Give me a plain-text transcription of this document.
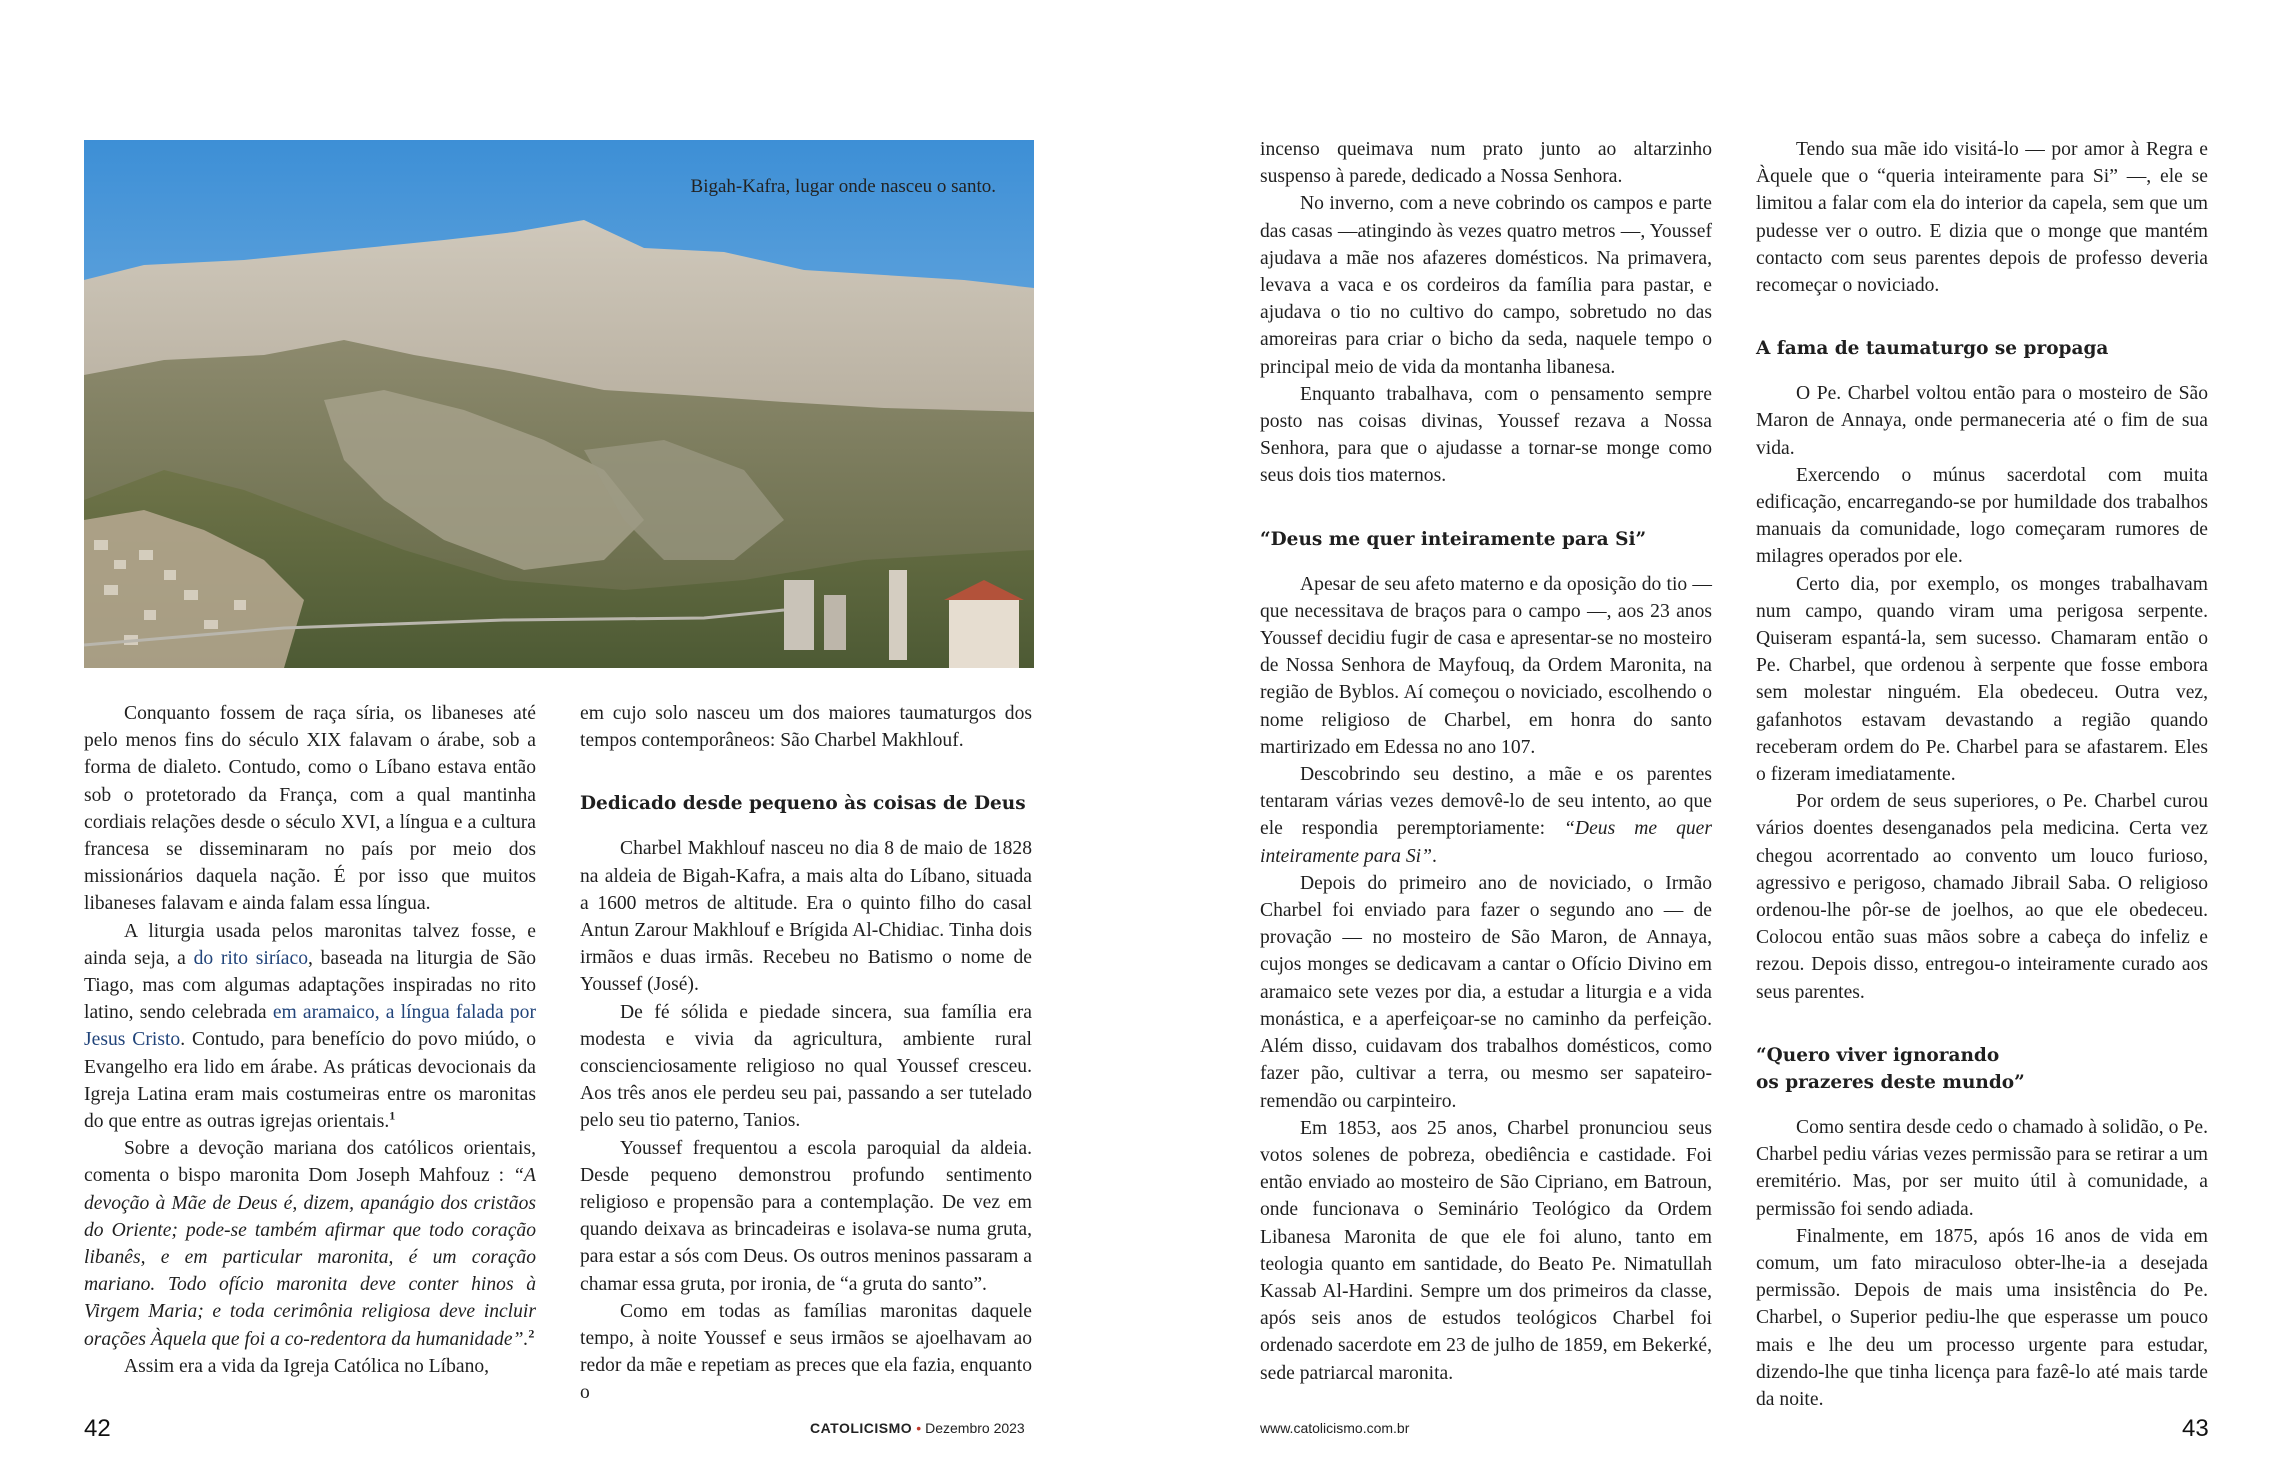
Bigah-Kafra, lugar onde nasceu o santo.

Conquanto fossem de raça síria, os libaneses até pelo menos fins do século XIX falavam o árabe, sob a forma de dialeto. Contudo, como o Líbano estava então sob o protetorado da França, com a qual mantinha cordiais relações desde o século XVI, a língua e a cultura francesa se disseminaram no país por meio dos missionários daquela nação. É por isso que muitos libaneses falavam e ainda falam essa língua.

A liturgia usada pelos maronitas talvez fosse, e ainda seja, a do rito siríaco, baseada na liturgia de São Tiago, mas com algumas adaptações inspiradas no rito latino, sendo celebrada em aramaico, a língua falada por Jesus Cristo. Contudo, para benefício do povo miúdo, o Evangelho era lido em árabe. As práticas devocionais da Igreja Latina eram mais costumeiras entre os maronitas do que entre as outras igrejas orientais.$^1$

Sobre a devoção mariana dos católicos orientais, comenta o bispo maronita Dom Joseph Mahfouz : “A devoção à Mãe de Deus é, dizem, apanágio dos cristãos do Oriente; pode-se também afirmar que todo coração libanês, e em particular maronita, é um coração mariano. Todo ofício maronita deve conter hinos à Virgem Maria; e toda cerimônia religiosa deve incluir orações Àquela que foi a co-redentora da humanidade”.$^2$

Assim era a vida da Igreja Católica no Líbano,

em cujo solo nasceu um dos maiores taumaturgos dos tempos contemporâneos: São Charbel Makhlouf.

Dedicado desde pequeno às coisas de Deus

Charbel Makhlouf nasceu no dia 8 de maio de 1828 na aldeia de Bigah-Kafra, a mais alta do Líbano, situada a 1600 metros de altitude. Era o quinto filho do casal Antun Zarour Makhlouf e Brígida Al-Chidiac. Tinha dois irmãos e duas irmãs. Recebeu no Batismo o nome de Youssef (José).

De fé sólida e piedade sincera, sua família era modesta e vivia da agricultura, ambiente rural conscienciosamente religioso no qual Youssef cresceu. Aos três anos ele perdeu seu pai, passando a ser tutelado pelo seu tio paterno, Tanios.

Youssef frequentou a escola paroquial da aldeia. Desde pequeno demonstrou profundo sentimento religioso e propensão para a contemplação. De vez em quando deixava as brincadeiras e isolava-se numa gruta, para estar a sós com Deus. Os outros meninos passaram a chamar essa gruta, por ironia, de “a gruta do santo”.

Como em todas as famílias maronitas daquele tempo, à noite Youssef e seus irmãos se ajoelhavam ao redor da mãe e repetiam as preces que ela fazia, enquanto o

incenso queimava num prato junto ao altarzinho suspenso à parede, dedicado a Nossa Senhora.

No inverno, com a neve cobrindo os campos e parte das casas —atingindo às vezes quatro metros —, Youssef ajudava a mãe nos afazeres domésticos. Na primavera, levava a vaca e os cordeiros da família para pastar, e ajudava o tio no cultivo do campo, sobretudo no das amoreiras para criar o bicho da seda, naquele tempo o principal meio de vida da montanha libanesa.

Enquanto trabalhava, com o pensamento sempre posto nas coisas divinas, Youssef rezava a Nossa Senhora, para que o ajudasse a tornar-se monge como seus dois tios maternos.

“Deus me quer inteiramente para Si”

Apesar de seu afeto materno e da oposição do tio — que necessitava de braços para o campo —, aos 23 anos Youssef decidiu fugir de casa e apresentar-se no mosteiro de Nossa Senhora de Mayfouq, da Ordem Maronita, na região de Byblos. Aí começou o noviciado, escolhendo o nome religioso de Charbel, em honra do santo martirizado em Edessa no ano 107.

Descobrindo seu destino, a mãe e os parentes tentaram várias vezes demovê-lo de seu intento, ao que ele respondia peremptoriamente: “Deus me quer inteiramente para Si”.

Depois do primeiro ano de noviciado, o Irmão Charbel foi enviado para fazer o segundo ano — de provação — no mosteiro de São Maron, de Annaya, cujos monges se dedicavam a cantar o Ofício Divino em aramaico sete vezes por dia, a estudar a liturgia e a vida monástica, e a aperfeiçoar-se no caminho da perfeição. Além disso, cuidavam dos trabalhos domésticos, como fazer pão, cultivar a terra, ou mesmo ser sapateiro-remendão ou carpinteiro.

Em 1853, aos 25 anos, Charbel pronunciou seus votos solenes de pobreza, obediência e castidade. Foi então enviado ao mosteiro de São Cipriano, em Batroun, onde funcionava o Seminário Teológico da Ordem Libanesa Maronita de que ele foi aluno, tanto em teologia quanto em santidade, do Beato Pe. Nimatullah Kassab Al-Hardini. Sempre um dos primeiros da classe, após seis anos de estudos teológicos Charbel foi ordenado sacerdote em 23 de julho de 1859, em Bekerké, sede patriarcal maronita.

Tendo sua mãe ido visitá-lo — por amor à Regra e Àquele que o “queria inteiramente para Si” —, ele se limitou a falar com ela do interior da capela, sem que um pudesse ver o outro. E dizia que o monge que mantém contacto com seus parentes depois de professo deveria recomeçar o noviciado.

A fama de taumaturgo se propaga

O Pe. Charbel voltou então para o mosteiro de São Maron de Annaya, onde permaneceria até o fim de sua vida.

Exercendo o múnus sacerdotal com muita edificação, encarregando-se por humildade dos trabalhos manuais da comunidade, logo começaram rumores de milagres operados por ele.

Certo dia, por exemplo, os monges trabalhavam num campo, quando viram uma perigosa serpente. Quiseram espantá-la, sem sucesso. Chamaram então o Pe. Charbel, que ordenou à serpente que fosse embora sem molestar ninguém. Ela obedeceu. Outra vez, gafanhotos estavam devastando a região quando receberam ordem do Pe. Charbel para se afastarem. Eles o fizeram imediatamente.

Por ordem de seus superiores, o Pe. Charbel curou vários doentes desenganados pela medicina. Certa vez chegou acorrentado ao convento um louco furioso, agressivo e perigoso, chamado Jibrail Saba. O religioso ordenou-lhe pôr-se de joelhos, ao que ele obedeceu. Colocou então suas mãos sobre a cabeça do infeliz e rezou. Depois disso, entregou-o inteiramente curado aos seus parentes.

“Quero viver ignorando
os prazeres deste mundo”

Como sentira desde cedo o chamado à solidão, o Pe. Charbel pediu várias vezes permissão para se retirar a um eremitério. Mas, por ser muito útil à comunidade, a permissão foi sendo adiada.

Finalmente, em 1875, após 16 anos de vida em comum, um fato miraculoso obter-lhe-ia a desejada permissão. Depois de mais uma insistência do Pe. Charbel, o Superior pediu-lhe que esperasse um pouco mais e lhe deu um processo urgente para estudar, dizendo-lhe que tinha licença para fazê-lo até mais tarde da noite.

42	CATOLICISMO • Dezembro 2023	www.catolicismo.com.br	43
